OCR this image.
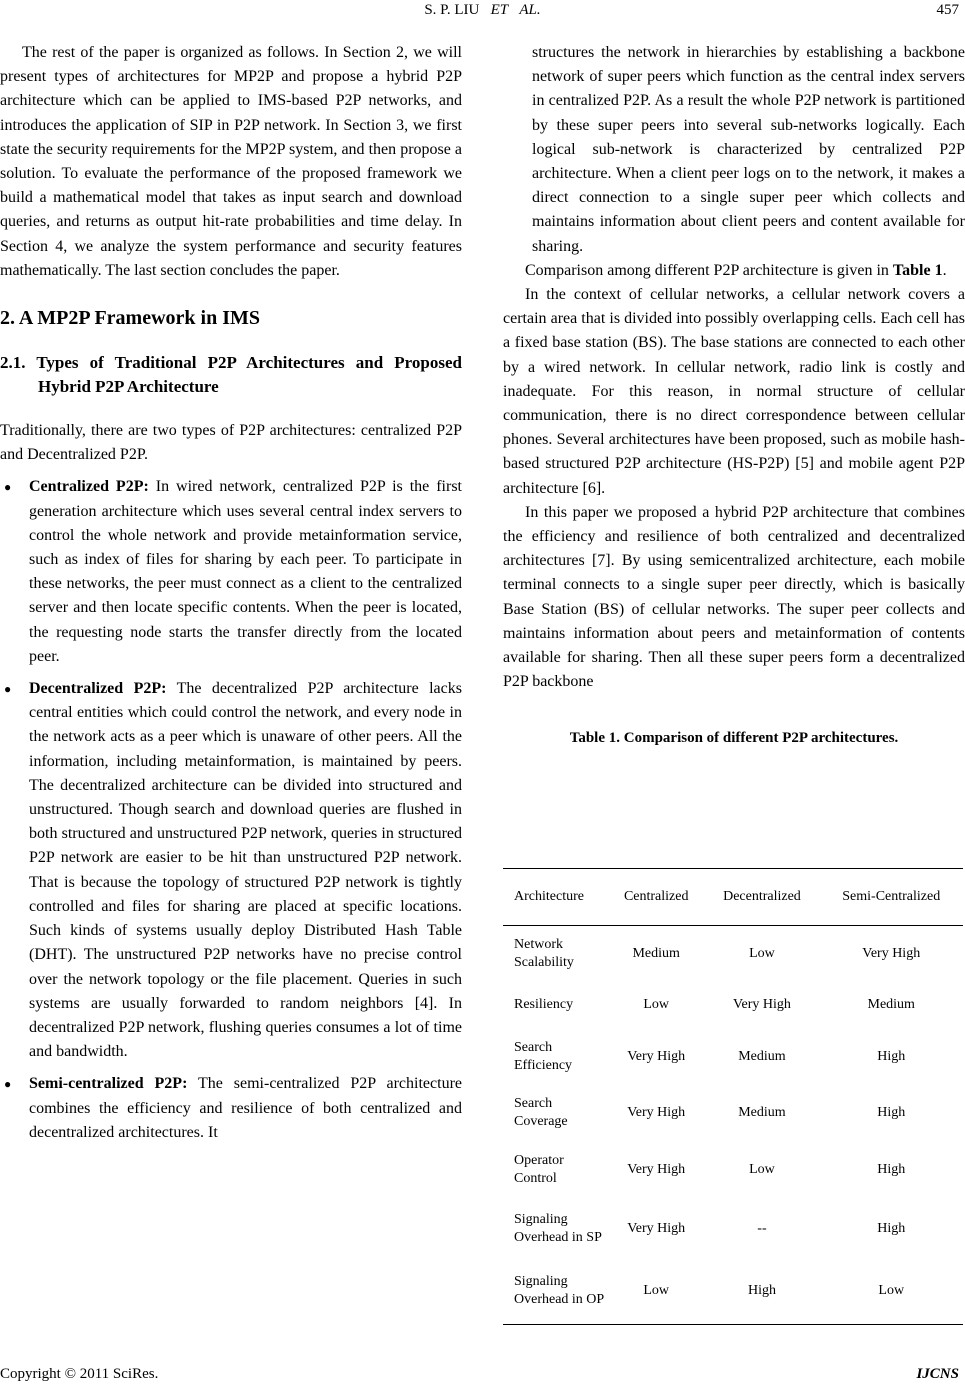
S. P. LIU ET AL.	457

The rest of the paper is organized as follows. In Section 2, we will present types of architectures for MP2P and propose a hybrid P2P architecture which can be applied to IMS-based P2P networks, and introduces the application of SIP in P2P network. In Section 3, we first state the security requirements for the MP2P system, and then propose a solution. To evaluate the performance of the proposed framework we build a mathematical model that takes as input search and download queries, and returns as output hit-rate probabilities and time delay. In Section 4, we analyze the system performance and security features mathematically. The last section concludes the paper.

2. A MP2P Framework in IMS
2.1. Types of Traditional P2P Architectures and Proposed Hybrid P2P Architecture

Traditionally, there are two types of P2P architectures: centralized P2P and Decentralized P2P.

● Centralized P2P: In wired network, centralized P2P is the first generation architecture which uses several central index servers to control the whole network and provide metainformation service, such as index of files for sharing by each peer. To participate in these networks, the peer must connect as a client to the centralized server and then locate specific contents. When the peer is located, the requesting node starts the transfer directly from the located peer.
● Decentralized P2P: The decentralized P2P architecture lacks central entities which could control the network, and every node in the network acts as a peer which is unaware of other peers. All the information, including metainformation, is maintained by peers. The decentralized architecture can be divided into structured and unstructured. Though search and download queries are flushed in both structured and unstructured P2P network, queries in structured P2P network are easier to be hit than unstructured P2P network. That is because the topology of structured P2P network is tightly controlled and files for sharing are placed at specific locations. Such kinds of systems usually deploy Distributed Hash Table (DHT). The unstructured P2P networks have no precise control over the network topology or the file placement. Queries in such systems are usually forwarded to random neighbors [4]. In decentralized P2P network, flushing queries consumes a lot of time and bandwidth.
● Semi-centralized P2P: The semi-centralized P2P architecture combines the efficiency and resilience of both centralized and decentralized architectures. It

structures the network in hierarchies by establishing a backbone network of super peers which function as the central index servers in centralized P2P. As a result the whole P2P network is partitioned by these super peers into several sub-networks logically. Each logical sub-network is characterized by centralized P2P architecture. When a client peer logs on to the network, it makes a direct connection to a single super peer which collects and maintains information about client peers and content available for sharing.

Comparison among different P2P architecture is given in Table 1.

In the context of cellular networks, a cellular network covers a certain area that is divided into possibly overlapping cells. Each cell has a fixed base station (BS). The base stations are connected to each other by a wired network. In cellular network, radio link is costly and inadequate. For this reason, in normal structure of cellular communication, there is no direct correspondence between cellular phones. Several architectures have been proposed, such as mobile hash-based structured P2P architecture (HS-P2P) [5] and mobile agent P2P architecture [6].

In this paper we proposed a hybrid P2P architecture that combines the efficiency and resilience of both centralized and decentralized architectures [7]. By using semicentralized architecture, each mobile terminal connects to a single super peer directly, which is basically Base Station (BS) of cellular networks. The super peer collects and maintains information about peers and metainformation of contents available for sharing. Then all these super peers form a decentralized P2P backbone

Table 1. Comparison of different P2P architectures.

Architecture	Centralized	Decentralized	Semi-Centralized
Network Scalability	Medium	Low	Very High
Resiliency	Low	Very High	Medium
Search Efficiency	Very High	Medium	High
Search Coverage	Very High	Medium	High
Operator Control	Very High	Low	High
Signaling Overhead in SP	Very High	--	High
Signaling Overhead in OP	Low	High	Low
Copyright © 2011 SciRes.	IJCNS
